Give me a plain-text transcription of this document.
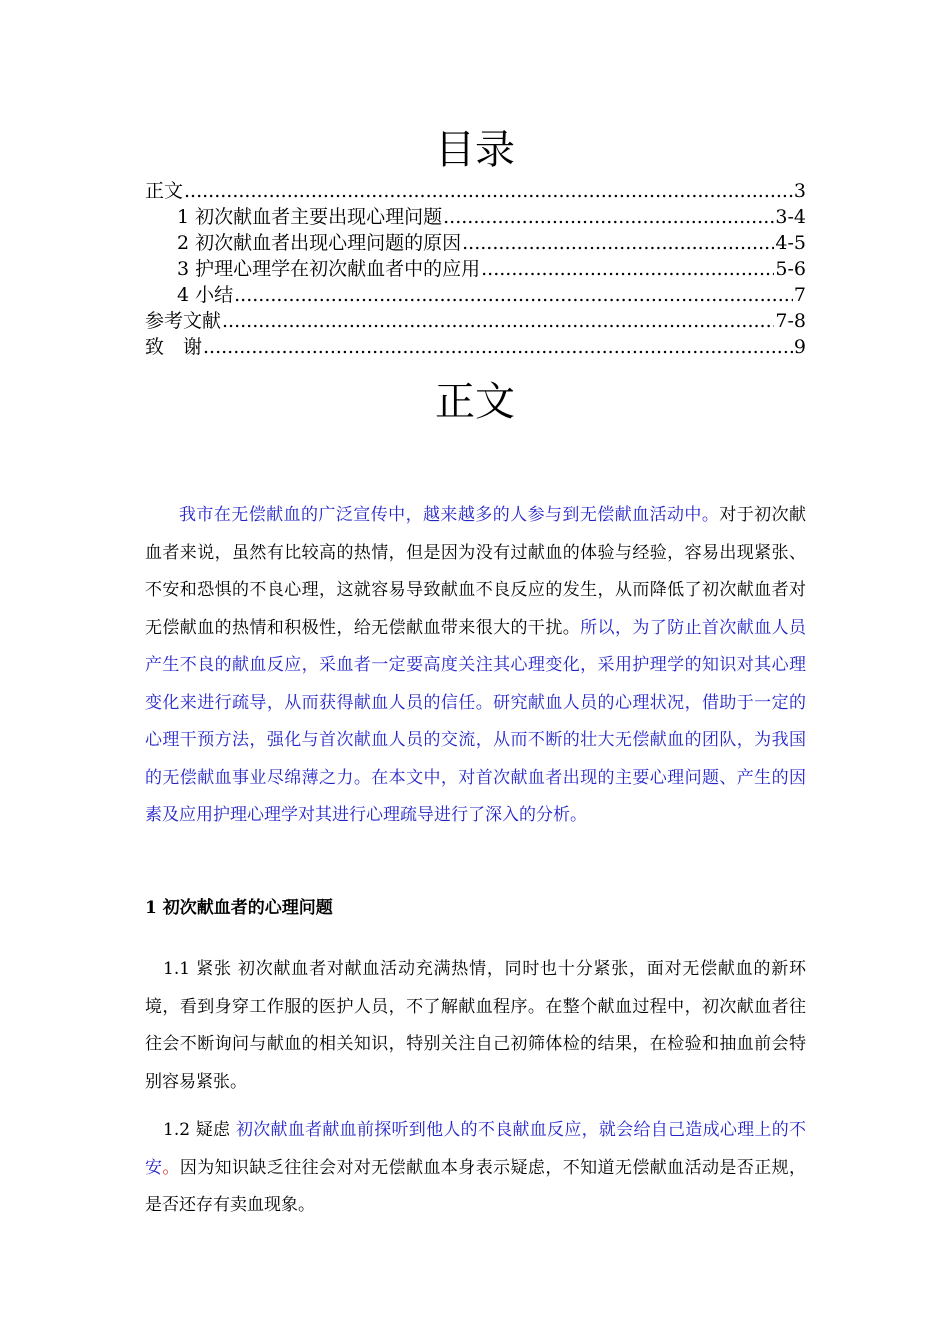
目录
正文 .....	3
1 初次献血者主要出现心理问题 .....	3-4
2 初次献血者出现心理问题的原因 .....	4-5
3 护理心理学在初次献血者中的应用 .....	5-6
4 小结 .....	7
参考文献 .....	7-8
致　谢 .....	9
正文
我市在无偿献血的广泛宣传中，越来越多的人参与到无偿献血活动中。对于初次献血者来说，虽然有比较高的热情，但是因为没有过献血的体验与经验，容易出现紧张、不安和恐惧的不良心理，这就容易导致献血不良反应的发生，从而降低了初次献血者对无偿献血的热情和积极性，给无偿献血带来很大的干扰。所以，为了防止首次献血人员产生不良的献血反应，采血者一定要高度关注其心理变化，采用护理学的知识对其心理变化来进行疏导，从而获得献血人员的信任。研究献血人员的心理状况，借助于一定的心理干预方法，强化与首次献血人员的交流，从而不断的壮大无偿献血的团队，为我国的无偿献血事业尽绵薄之力。在本文中，对首次献血者出现的主要心理问题、产生的因素及应用护理心理学对其进行心理疏导进行了深入的分析。
1 初次献血者的心理问题
1.1 紧张 初次献血者对献血活动充满热情，同时也十分紧张，面对无偿献血的新环境，看到身穿工作服的医护人员，不了解献血程序。在整个献血过程中，初次献血者往往会不断询问与献血的相关知识，特别关注自己初筛体检的结果，在检验和抽血前会特别容易紧张。
1.2 疑虑 初次献血者献血前探听到他人的不良献血反应，就会给自己造成心理上的不安。因为知识缺乏往往会对对无偿献血本身表示疑虑，不知道无偿献血活动是否正规，是否还存有卖血现象。
